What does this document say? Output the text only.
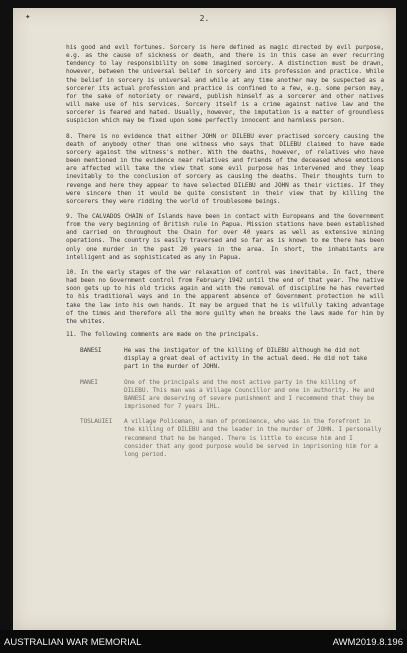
✦	2.

his good and evil fortunes. Sorcery is here defined as magic directed by evil purpose, e.g. as the cause of sickness or death, and there is in this case an ever recurring tendency to lay responsibility on some imagined sorcery. A distinction must be drawn, however, between the universal belief in sorcery and its profession and practice. While the belief in sorcery is universal and while at any time another may be suspected as a sorcerer its actual profession and practice is confined to a few, e.g. some person may, for the sake of notoriety or reward, publish himself as a sorcerer and other natives will make use of his services. Sorcery itself is a crime against native law and the sorcerer is feared and hated. Usually, however, the imputation is a matter of groundless suspicion which may be fixed upon some perfectly innocent and harmless person.

8. There is no evidence that either JOHN or DILEBU ever practised sorcery causing the death of anybody other than one witness who says that DILEBU claimed to have made sorcery against the witness's mother. With the deaths, however, of relatives who have been mentioned in the evidence near relatives and friends of the deceased whose emotions are affected will take the view that some evil purpose has intervened and they leap inevitably to the conclusion of sorcery as causing the deaths. Their thoughts turn to revenge and here they appear to have selected DILEBU and JOHN as their victims. If they were sincere then it would be quite consistent in their view that by killing the sorcerers they were ridding the world of troublesome beings.

9. The CALVADOS CHAIN of Islands have been in contact with Europeans and the Government from the very beginning of British rule in Papua. Mission stations have been established and carried on throughout the Chain for over 40 years as well as extensive mining operations. The country is easily traversed and so far as is known to me there has been only one murder in the past 20 years in the area. In short, the inhabitants are intelligent and as sophisticated as any in Papua.

10. In the early stages of the war relaxation of control was inevitable. In fact, there had been no Government control from February 1942 until the end of that year. The native soon gets up to his old tricks again and with the removal of discipline he has reverted to his traditional ways and in the apparent absence of Government protection he will take the law into his own hands. It may be argued that he is wilfully taking advantage of the times and therefore all the more guilty when he breaks the laws made for him by the whites.

11. The following comments are made on the principals.

BANESI	He was the instigator of the killing of DILEBU although he did not display a great deal of activity in the actual deed. He did not take part in the murder of JOHN.
MANEI	One of the principals and the most active party in the killing of DILEBU. This man was a Village Councillor and one in authority. He and BANESI are deserving of severe punishment and I recommend that they be imprisoned for 7 years IHL.
TOSLAUIEI	A village Policeman, a man of prominence, who was in the forefront in the killing of DILEBU and the leader in the murder of JOHN. I personally recommend that he be hanged. There is little to excuse him and I consider that any good purpose would be served in imprisoning him for a long period.
AUSTRALIAN WAR MEMORIAL	AWM2019.8.196
